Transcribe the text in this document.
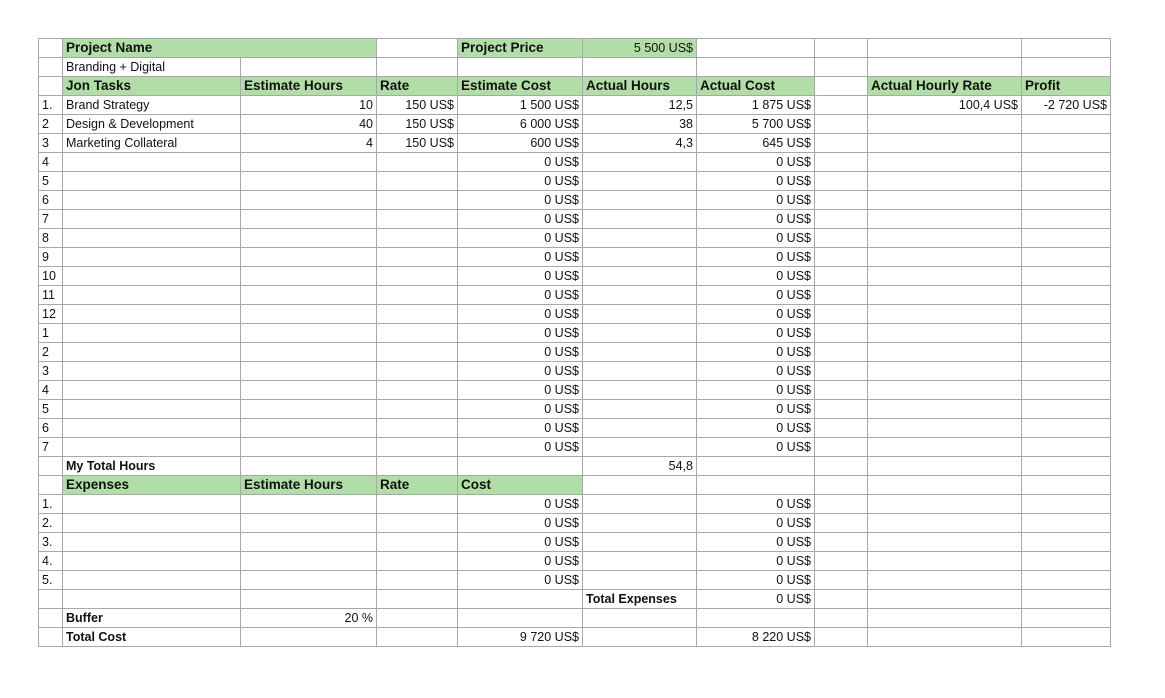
	Project Name			Project Price	5 500 US$				
	Branding + Digital								
	Jon Tasks	Estimate Hours	Rate	Estimate Cost	Actual Hours	Actual Cost		Actual Hourly Rate	Profit
1.	Brand Strategy	10	150 US$	1 500 US$	12,5	1 875 US$		100,4 US$	-2 720 US$
2	Design & Development	40	150 US$	6 000 US$	38	5 700 US$			
3	Marketing Collateral	4	150 US$	600 US$	4,3	645 US$			
4				0 US$		0 US$			
5				0 US$		0 US$			
6				0 US$		0 US$			
7				0 US$		0 US$			
8				0 US$		0 US$			
9				0 US$		0 US$			
10				0 US$		0 US$			
11				0 US$		0 US$			
12				0 US$		0 US$			
1				0 US$		0 US$			
2				0 US$		0 US$			
3				0 US$		0 US$			
4				0 US$		0 US$			
5				0 US$		0 US$			
6				0 US$		0 US$			
7				0 US$		0 US$			
	My Total Hours				54,8				
	Expenses	Estimate Hours	Rate	Cost					
1.				0 US$		0 US$			
2.				0 US$		0 US$			
3.				0 US$		0 US$			
4.				0 US$		0 US$			
5.				0 US$		0 US$			
					Total Expenses	0 US$			
	Buffer	20 %							
	Total Cost			9 720 US$		8 220 US$			
